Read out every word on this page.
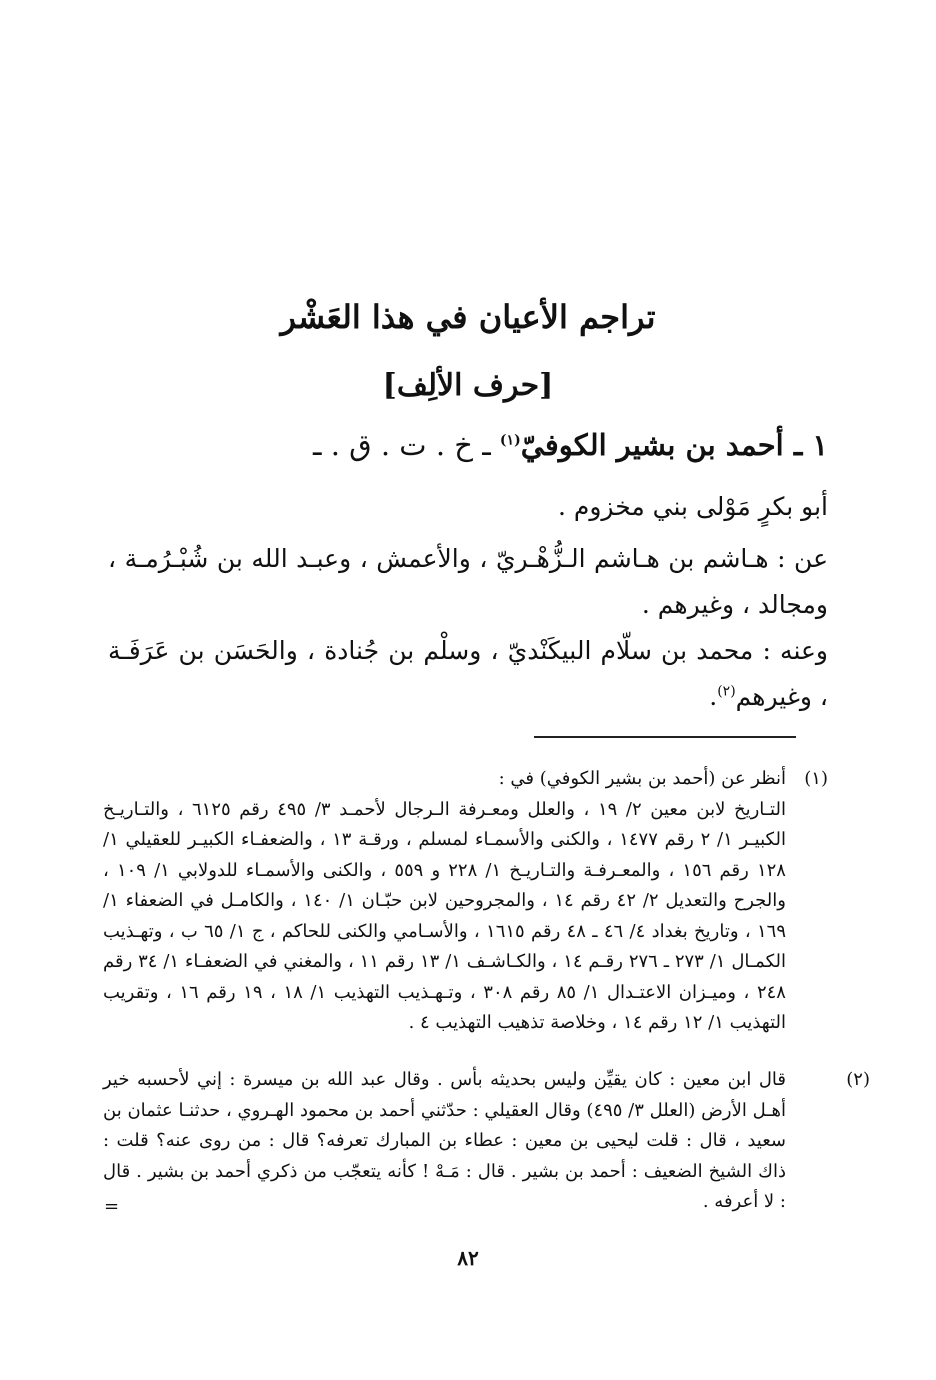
تراجم الأعيان في هذا العَشْر
[حرف الألِف]
١ ـ أحمد بن بشير الكوفيّ$^{(١)}$ ـ خ . ت . ق . ـ
أبو بكرٍ مَوْلى بني مخزوم .
عن : هـاشم بن هـاشم الـزُّهْـريّ ، والأعمش ، وعبـد الله بن شُبْـرُمـة ، ومجالد ، وغيرهم .
وعنه : محمد بن سلّام البيكَنْديّ ، وسلْم بن جُنادة ، والحَسَن بن عَرَفَـة ، وغيرهم$^{(٢)}$.
(١)أنظر عن (أحمد بن بشير الكوفي) في :
التـاريخ لابن معين ٢/ ١٩ ، والعلل ومعـرفة الـرجال لأحمـد ٣/ ٤٩٥ رقم ٦١٢٥ ، والتـاريـخ الكبيـر ١/ ٢ رقم ١٤٧٧ ، والكنى والأسمـاء لمسلم ، ورقـة ١٣ ، والضعفـاء الكبيـر للعقيلي ١/ ١٢٨ رقم ١٥٦ ، والمعـرفـة والتـاريـخ ١/ ٢٢٨ و ٥٥٩ ، والكنى والأسمـاء للدولابي ١/ ١٠٩ ، والجرح والتعديل ٢/ ٤٢ رقم ١٤ ، والمجروحين لابن حبّـان ١/ ١٤٠ ، والكامـل في الضعفاء ١/ ١٦٩ ، وتاريخ بغداد ٤/ ٤٦ ـ ٤٨ رقم ١٦١٥ ، والأسـامي والكنى للحاكم ، ج ١/ ٦٥ ب ، وتهـذيب الكمـال ١/ ٢٧٣ ـ ٢٧٦ رقـم ١٤ ، والكـاشـف ١/ ١٣ رقم ١١ ، والمغني في الضعفـاء ١/ ٣٤ رقم ٢٤٨ ، وميـزان الاعتـدال ١/ ٨٥ رقم ٣٠٨ ، وتـهـذيب التهذيب ١/ ١٨ ، ١٩ رقم ١٦ ، وتقريب التهذيب ١/ ١٢ رقم ١٤ ، وخلاصة تذهيب التهذيب ٤ .
(٢)قال ابن معين : كان يقيِّن وليس بحديثه بأس . وقال عبد الله بن ميسرة : إني لأحسبه خير أهـل الأرض (العلل ٣/ ٤٩٥) وقال العقيلي : حدّثني أحمد بن محمود الهـروي ، حدثنـا عثمان بن سعيد ، قال : قلت ليحيى بن معين : عطاء بن المبارك تعرفه؟ قال : من روى عنه؟ قلت : ذاك الشيخ الضعيف : أحمد بن بشير . قال : مَـهْ ! كأنه يتعجّب من ذكري أحمد بن بشير . قال : لا أعرفه .
=
٨٢
